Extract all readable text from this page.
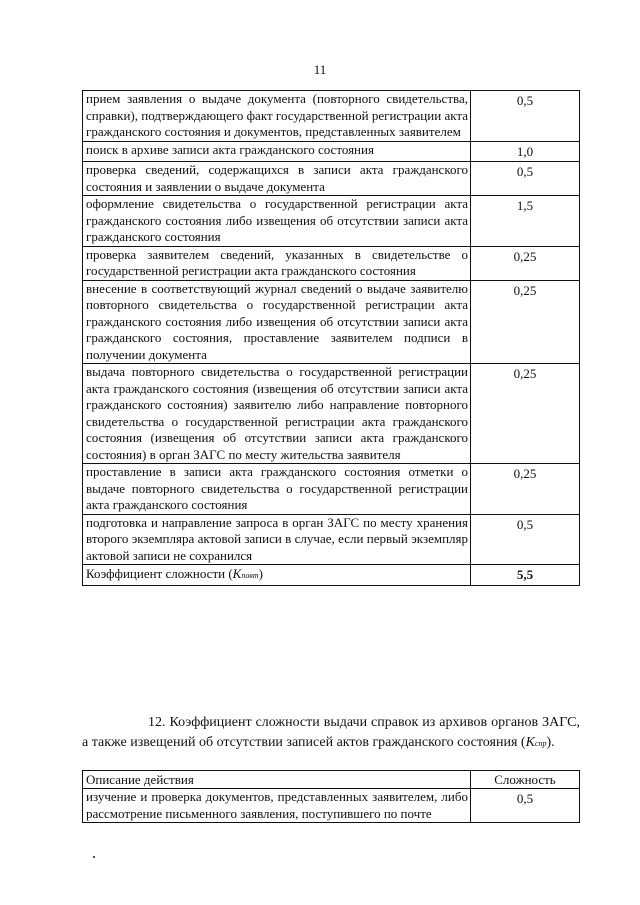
11
прием заявления о выдаче документа (повторного свидетельства, справки), подтверждающего факт государственной регистрации акта гражданского состояния и документов, представленных заявителем	0,5
поиск в архиве записи акта гражданского состояния	1,0
проверка сведений, содержащихся в записи акта гражданского состояния и заявлении о выдаче документа	0,5
оформление свидетельства о государственной регистрации акта гражданского состояния либо извещения об отсутствии записи акта гражданского состояния	1,5
проверка заявителем сведений, указанных в свидетельстве о государственной регистрации акта гражданского состояния	0,25
внесение в соответствующий журнал сведений о выдаче заявителю повторного свидетельства о государственной регистрации акта гражданского состояния либо извещения об отсутствии записи акта гражданского состояния, проставление заявителем подписи в получении документа	0,25
выдача повторного свидетельства о государственной регистрации акта гражданского состояния (извещения об отсутствии записи акта гражданского состояния) заявителю либо направление повторного свидетельства о государственной регистрации акта гражданского состояния (извещения об отсутствии записи акта гражданского состояния) в орган ЗАГС по месту жительства заявителя	0,25
проставление в записи акта гражданского состояния отметки о выдаче повторного свидетельства о государственной регистрации акта гражданского состояния	0,25
подготовка и направление запроса в орган ЗАГС по месту хранения второго экземпляра актовой записи в случае, если первый экземпляр актовой записи не сохранился	0,5
Коэффициент сложности (Kповт)	5,5
12. Коэффициент сложности выдачи справок из архивов органов ЗАГС, а также извещений об отсутствии записей актов гражданского состояния (Kспр).
Описание действия	Сложность
изучение и проверка документов, представленных заявителем, либо рассмотрение письменного заявления, поступившего по почте	0,5
